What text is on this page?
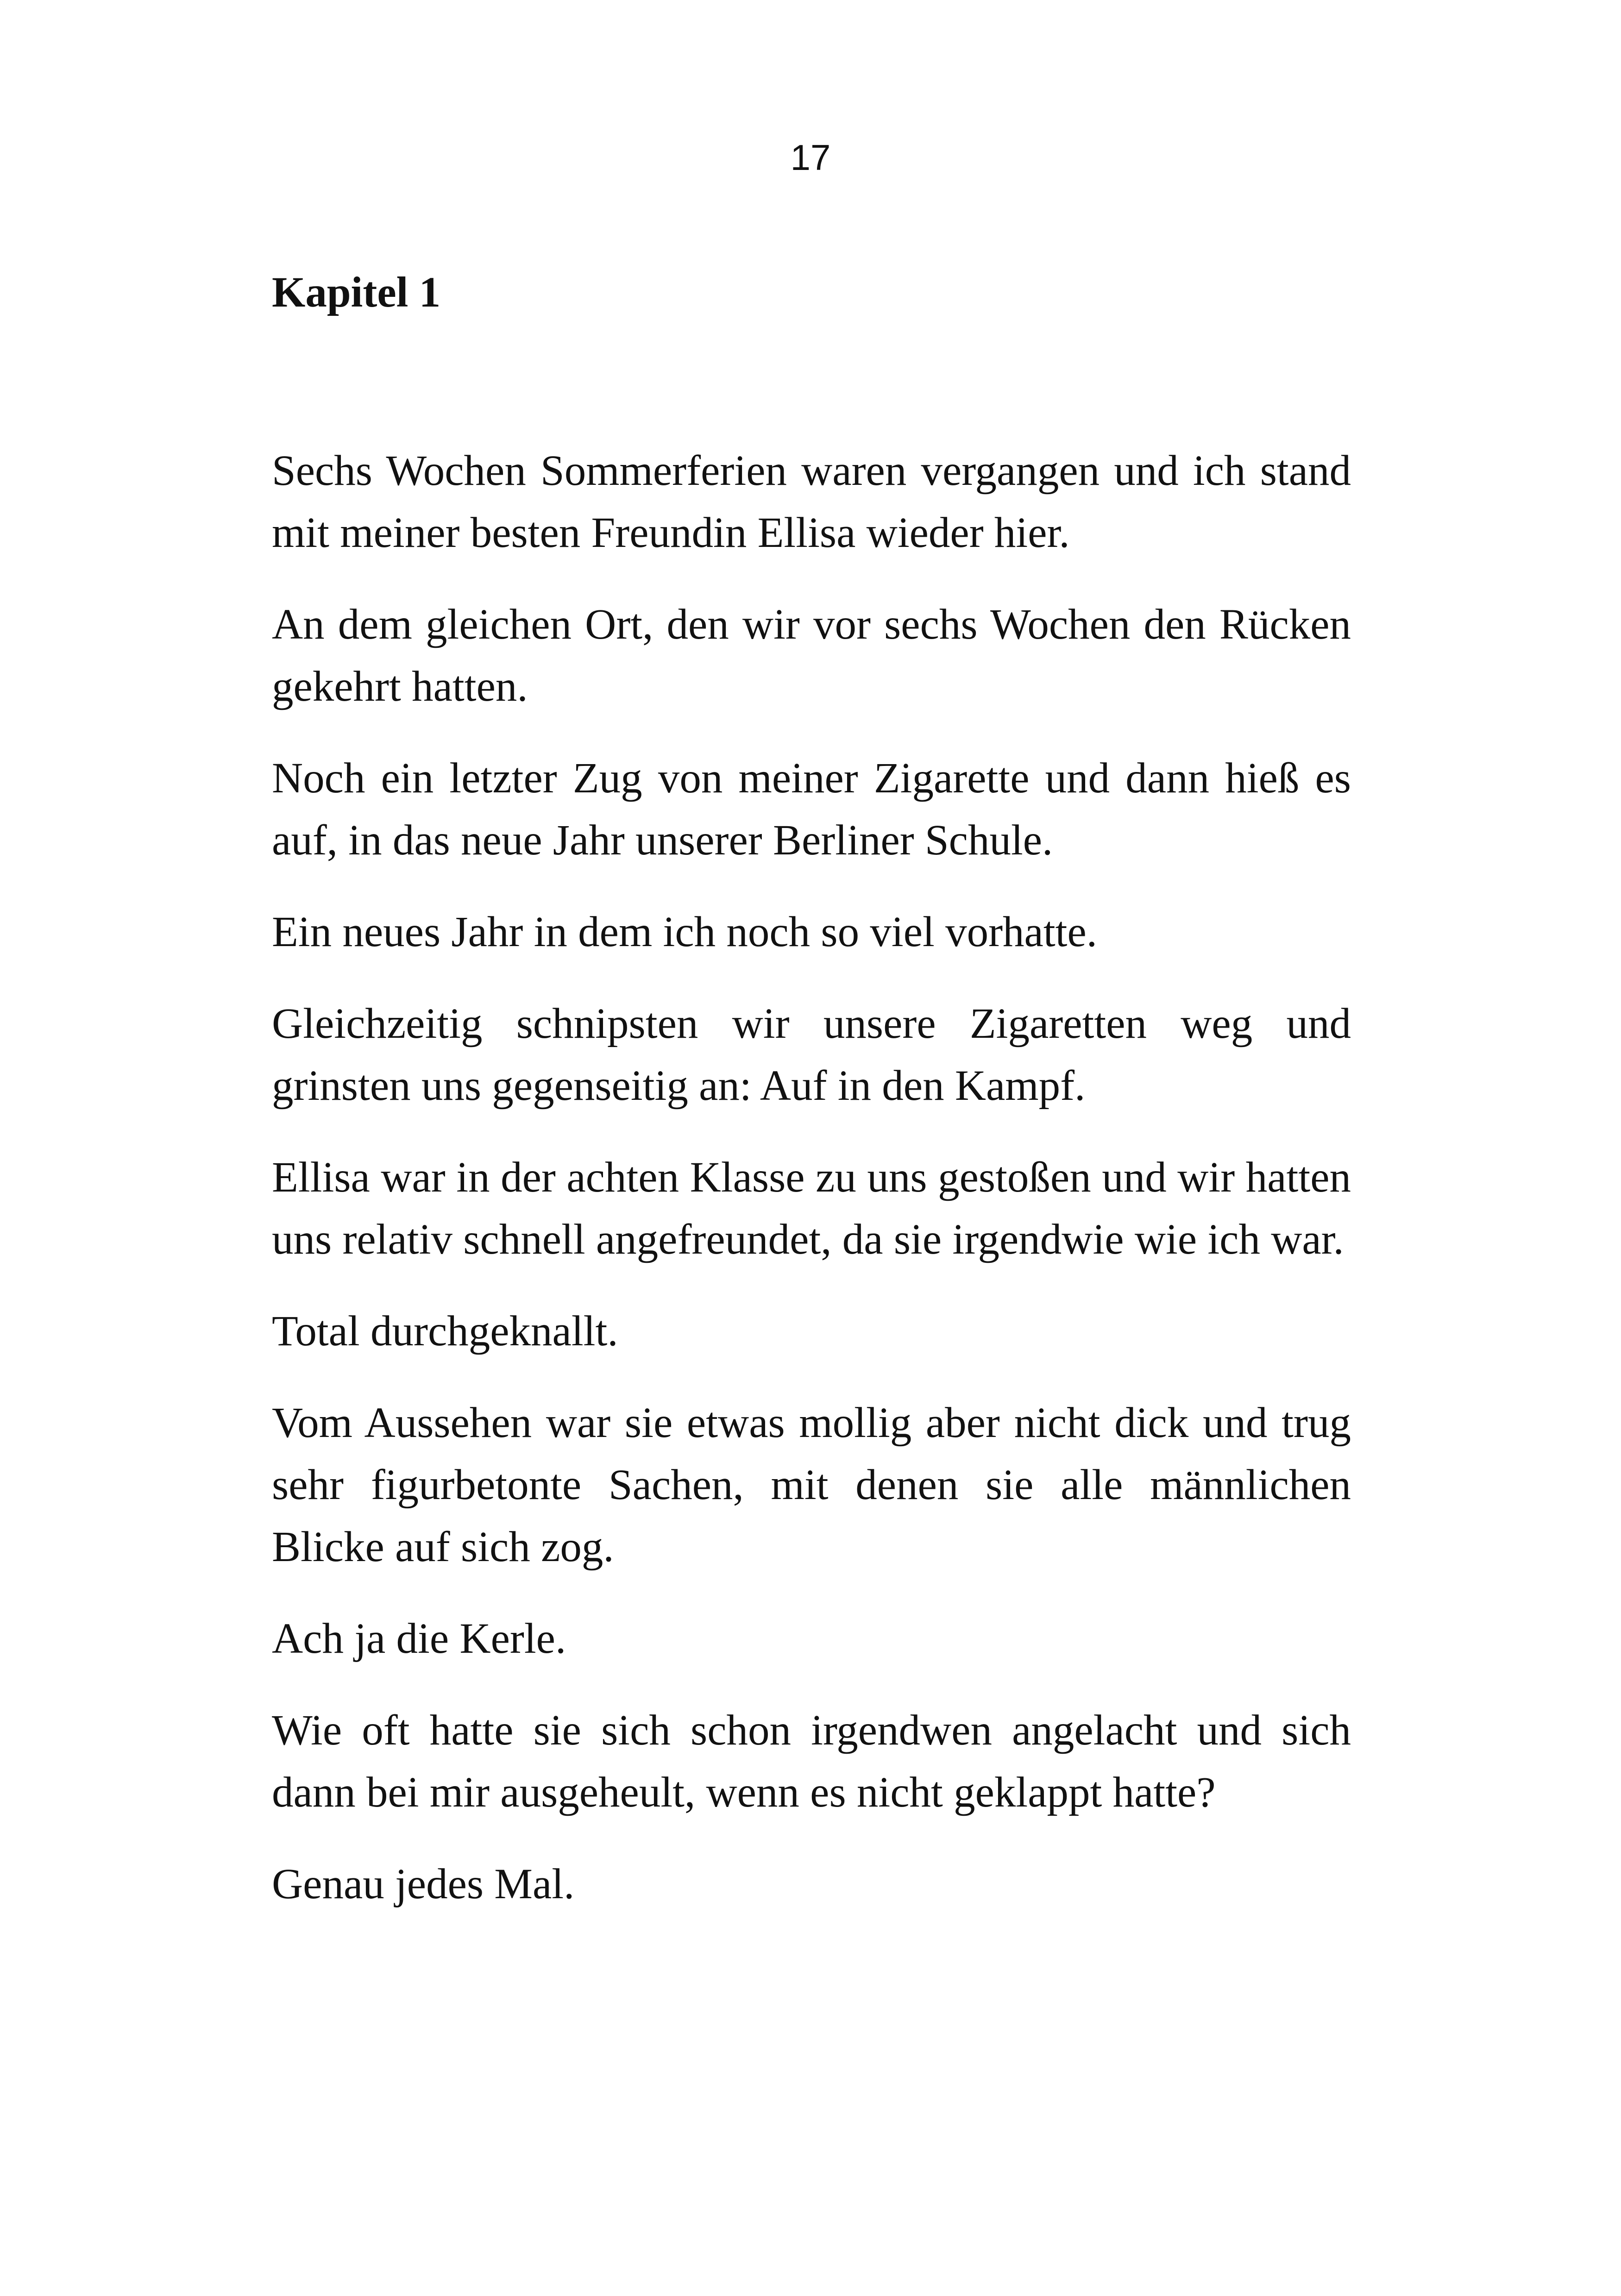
17
Kapitel 1

Sechs Wochen Sommerferien waren vergangen und ich stand mit meiner besten Freundin Ellisa wieder hier.

An dem gleichen Ort, den wir vor sechs Wochen den Rücken gekehrt hatten.

Noch ein letzter Zug von meiner Zigarette und dann hieß es auf, in das neue Jahr unserer Berliner Schule.

Ein neues Jahr in dem ich noch so viel vorhatte.

Gleichzeitig schnipsten wir unsere Zigaretten weg und grinsten uns gegenseitig an: Auf in den Kampf.

Ellisa war in der achten Klasse zu uns gestoßen und wir hatten uns relativ schnell angefreundet, da sie irgendwie wie ich war.

Total durchgeknallt.

Vom Aussehen war sie etwas mollig aber nicht dick und trug sehr figurbetonte Sachen, mit denen sie alle männlichen Blicke auf sich zog.

Ach ja die Kerle.

Wie oft hatte sie sich schon irgendwen angelacht und sich dann bei mir ausgeheult, wenn es nicht geklappt hatte?

Genau jedes Mal.
